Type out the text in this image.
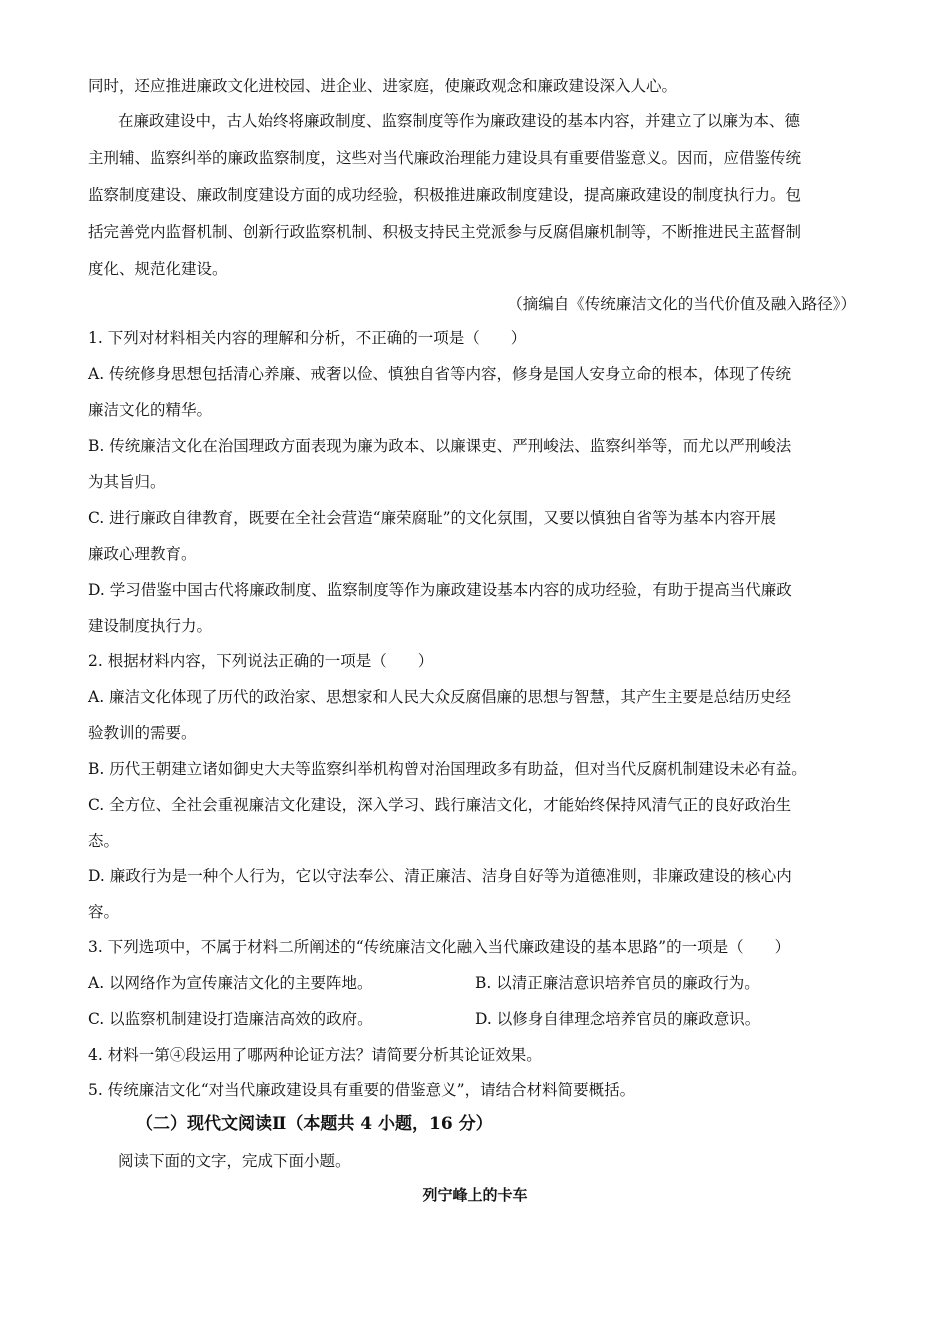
同时，还应推进廉政文化进校园、进企业、进家庭，使廉政观念和廉政建设深入人心。
在廉政建设中，古人始终将廉政制度、监察制度等作为廉政建设的基本内容，并建立了以廉为本、德
主刑辅、监察纠举的廉政监察制度，这些对当代廉政治理能力建设具有重要借鉴意义。因而，应借鉴传统
监察制度建设、廉政制度建设方面的成功经验，积极推进廉政制度建设，提高廉政建设的制度执行力。包
括完善党内监督机制、创新行政监察机制、积极支持民主党派参与反腐倡廉机制等，不断推进民主蓝督制
度化、规范化建设。
（摘编自《传统廉洁文化的当代价值及融入路径》）
1. 下列对材料相关内容的理解和分析，不正确的一项是（　　）
A. 传统修身思想包括清心养廉、戒奢以俭、慎独自省等内容，修身是国人安身立命的根本，体现了传统
廉洁文化的精华。
B. 传统廉洁文化在治国理政方面表现为廉为政本、以廉课吏、严刑峻法、监察纠举等，而尤以严刑峻法
为其旨归。
C. 进行廉政自律教育，既要在全社会营造“廉荣腐耻”的文化氛围，又要以慎独自省等为基本内容开展
廉政心理教育。
D. 学习借鉴中国古代将廉政制度、监察制度等作为廉政建设基本内容的成功经验，有助于提高当代廉政
建设制度执行力。
2. 根据材料内容，下列说法正确的一项是（　　）
A. 廉洁文化体现了历代的政治家、思想家和人民大众反腐倡廉的思想与智慧，其产生主要是总结历史经
验教训的需要。
B. 历代王朝建立诸如御史大夫等监察纠举机构曾对治国理政多有助益，但对当代反腐机制建设未必有益。
C. 全方位、全社会重视廉洁文化建设，深入学习、践行廉洁文化，才能始终保持风清气正的良好政治生
态。
D. 廉政行为是一种个人行为，它以守法奉公、清正廉洁、洁身自好等为道德准则，非廉政建设的核心内
容。
3. 下列选项中，不属于材料二所阐述的“传统廉洁文化融入当代廉政建设的基本思路”的一项是（　　）
A. 以网络作为宣传廉洁文化的主要阵地。	B. 以清正廉洁意识培养官员的廉政行为。
C. 以监察机制建设打造廉洁高效的政府。	D. 以修身自律理念培养官员的廉政意识。
4. 材料一第④段运用了哪两种论证方法？请简要分析其论证效果。
5. 传统廉洁文化“对当代廉政建设具有重要的借鉴意义”，请结合材料简要概括。
（二）现代文阅读Ⅱ（本题共 4 小题，16 分）
阅读下面的文字，完成下面小题。
列宁峰上的卡车
